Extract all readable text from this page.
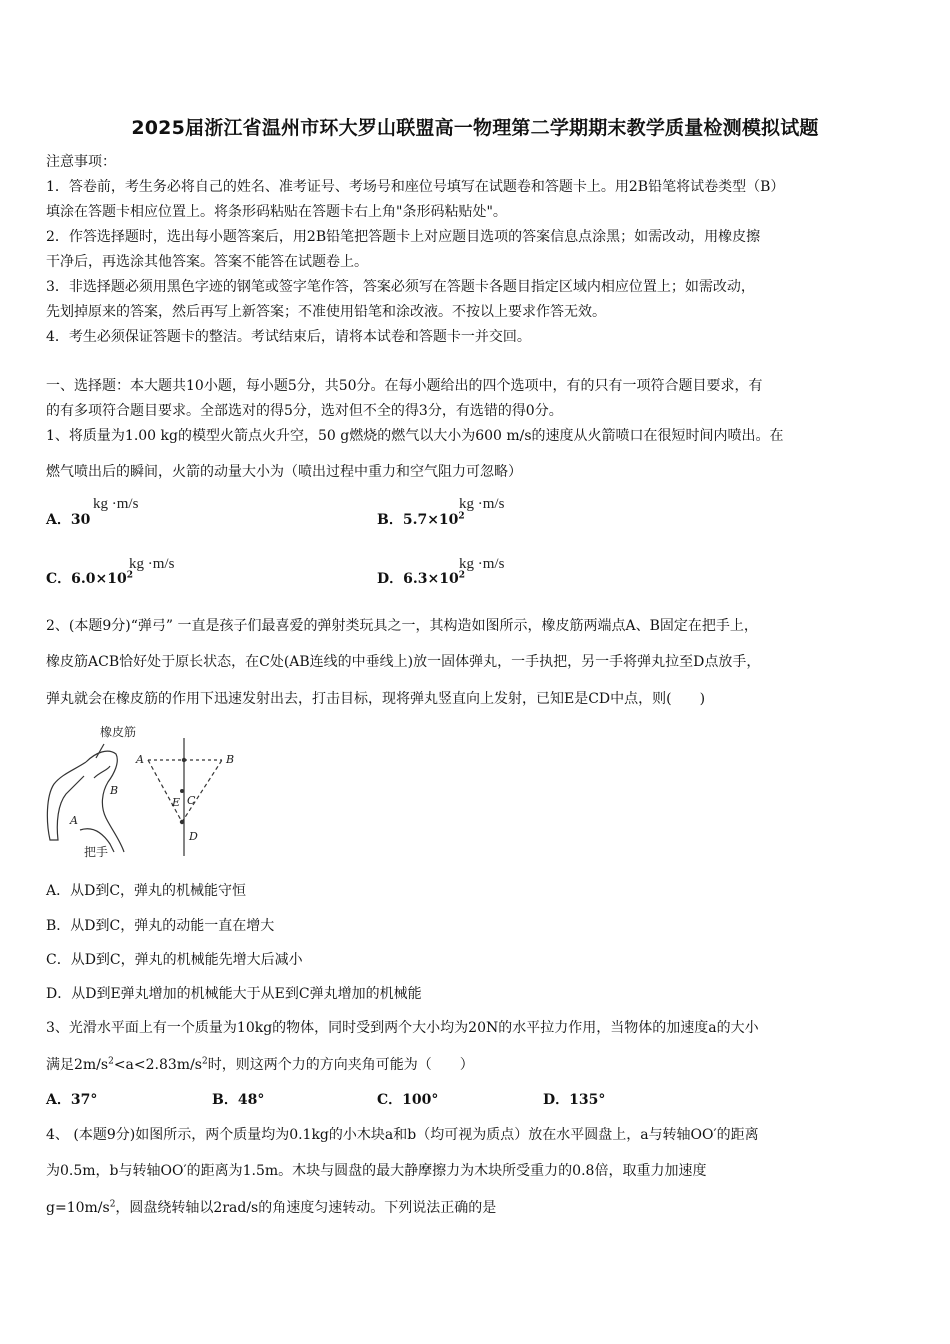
2025届浙江省温州市环大罗山联盟高一物理第二学期期末教学质量检测模拟试题
注意事项：
1．答卷前，考生务必将自己的姓名、准考证号、考场号和座位号填写在试题卷和答题卡上。用2B铅笔将试卷类型（B）
填涂在答题卡相应位置上。将条形码粘贴在答题卡右上角"条形码粘贴处"。
2．作答选择题时，选出每小题答案后，用2B铅笔把答题卡上对应题目选项的答案信息点涂黑；如需改动，用橡皮擦
干净后，再选涂其他答案。答案不能答在试题卷上。
3．非选择题必须用黑色字迹的钢笔或签字笔作答，答案必须写在答题卡各题目指定区域内相应位置上；如需改动，
先划掉原来的答案，然后再写上新答案；不准使用铅笔和涂改液。不按以上要求作答无效。
4．考生必须保证答题卡的整洁。考试结束后，请将本试卷和答题卡一并交回。
一、选择题：本大题共10小题，每小题5分，共50分。在每小题给出的四个选项中，有的只有一项符合题目要求，有
的有多项符合题目要求。全部选对的得5分，选对但不全的得3分，有选错的得0分。
1、将质量为1.00 kg的模型火箭点火升空，50 g燃烧的燃气以大小为600 m/s的速度从火箭喷口在很短时间内喷出。在
燃气喷出后的瞬间，火箭的动量大小为（喷出过程中重力和空气阻力可忽略）
A．30
kg ·m/s
B．$5.7\times 10^2$
kg ·m/s
C．$6.0\times 10^2$
kg ·m/s
D．$6.3\times 10^2$
kg ·m/s
2、(本题9分)“弹弓” 一直是孩子们最喜爱的弹射类玩具之一，其构造如图所示，橡皮筋两端点A、B固定在把手上，
橡皮筋ACB恰好处于原长状态，在C处(AB连线的中垂线上)放一固体弹丸，一手执把，另一手将弹丸拉至D点放手，
弹丸就会在橡皮筋的作用下迅速发射出去，打击目标，现将弹丸竖直向上发射，已知E是CD中点，则(　　)
A	B
C
D
E
B
A
橡皮筋
把手
A．从D到C，弹丸的机械能守恒
B．从D到C，弹丸的动能一直在增大
C．从D到C，弹丸的机械能先增大后减小
D．从D到E弹丸增加的机械能大于从E到C弹丸增加的机械能
3、光滑水平面上有一个质量为10kg的物体，同时受到两个大小均为20N的水平拉力作用，当物体的加速度a的大小
满足$2m/s^2<a<2.83m/s^2$时，则这两个力的方向夹角可能为（　　）
A．37°	B．48°	C．100°	D．135°
4、 (本题9分)如图所示，两个质量均为0.1kg的小木块a和b（均可视为质点）放在水平圆盘上，a与转轴OO′的距离
为0.5m，b与转轴OO′的距离为1.5m。木块与圆盘的最大静摩擦力为木块所受重力的0.8倍，取重力加速度
$g=10m/s^2$，圆盘绕转轴以2rad/s的角速度匀速转动。下列说法正确的是
